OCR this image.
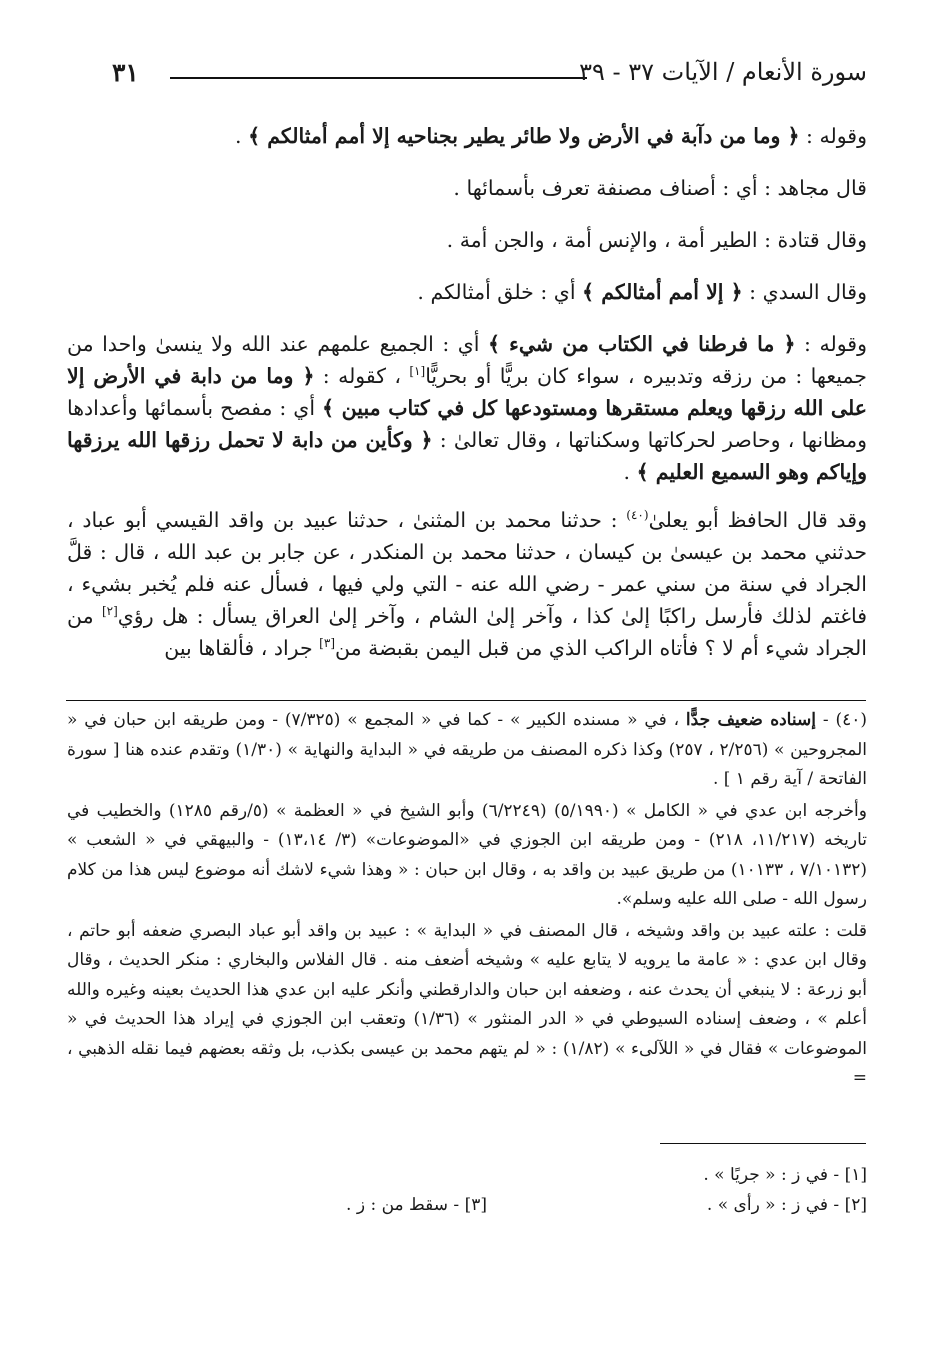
٣١	سورة الأنعام / الآيات ٣٧ - ٣٩

وقوله : ﴿ وما من دآبة في الأرض ولا طائر يطير بجناحيه إلا أمم أمثالكم ﴾ .

قال مجاهد : أي : أصناف مصنفة تعرف بأسمائها .

وقال قتادة : الطير أمة ، والإنس أمة ، والجن أمة .

وقال السدي : ﴿ إلا أمم أمثالكم ﴾ أي : خلق أمثالكم .

وقوله : ﴿ ما فرطنا في الكتاب من شيء ﴾ أي : الجميع علمهم عند الله ولا ينسىٰ واحدا من جميعها : من رزقه وتدبيره ، سواء كان بريًّا أو بحريًّا[١] ، كقوله : ﴿ وما من دابة في الأرض إلا على الله رزقها ويعلم مستقرها ومستودعها كل في كتاب مبين ﴾ أي : مفصح بأسمائها وأعدادها ومظانها ، وحاصر لحركاتها وسكناتها ، وقال تعالىٰ : ﴿ وكأين من دابة لا تحمل رزقها الله يرزقها وإياكم وهو السميع العليم ﴾ .

وقد قال الحافظ أبو يعلىٰ$^{(٤٠)}$ : حدثنا محمد بن المثنىٰ ، حدثنا عبيد بن واقد القيسي أبو عباد ، حدثني محمد بن عيسىٰ بن كيسان ، حدثنا محمد بن المنكدر ، عن جابر بن عبد الله ، قال : قلَّ الجراد في سنة من سني عمر - رضي الله عنه - التي ولي فيها ، فسأل عنه فلم يُخبر بشيء ، فاغتم لذلك فأرسل راكبًا إلىٰ كذا ، وآخر إلىٰ الشام ، وآخر إلىٰ العراق يسأل : هل رؤي[٢] من الجراد شيء أم لا ؟ فأتاه الراكب الذي من قبل اليمن بقبضة من[٣] جراد ، فألقاها بين

(٤٠) - إسناده ضعيف جدًّا ، في « مسنده الكبير » - كما في « المجمع » (٧/٣٢٥) - ومن طريقه ابن حبان في « المجروحين » (٢/٢٥٦ ، ٢٥٧) وكذا ذكره المصنف من طريقه في « البداية والنهاية » (١/٣٠) وتقدم عنده هنا [ سورة الفاتحة / آية رقم ١ ] .

وأخرجه ابن عدي في « الكامل » (٥/١٩٩٠) (٦/٢٢٤٩) وأبو الشيخ في « العظمة » (٥/رقم ١٢٨٥) والخطيب في تاريخه (١١/٢١٧، ٢١٨) - ومن طريقه ابن الجوزي في «الموضوعات» (٣/ ١٣،١٤) - والبيهقي في « الشعب » (٧/١٠١٣٢ ، ١٠١٣٣) من طريق عبيد بن واقد به ، وقال ابن حبان : « وهذا شيء لاشك أنه موضوع ليس هذا من كلام رسول الله - صلى الله عليه وسلم».

قلت : علته عبيد بن واقد وشيخه ، قال المصنف في « البداية » : عبيد بن واقد أبو عباد البصري ضعفه أبو حاتم ، وقال ابن عدي : « عامة ما يرويه لا يتابع عليه » وشيخه أضعف منه . قال الفلاس والبخاري : منكر الحديث ، وقال أبو زرعة : لا ينبغي أن يحدث عنه ، وضعفه ابن حبان والدارقطني وأنكر عليه ابن عدي هذا الحديث بعينه وغيره والله أعلم » ، وضعف إسناده السيوطي في « الدر المنثور » (١/٣٦) وتعقب ابن الجوزي في إيراد هذا الحديث في « الموضوعات » فقال في « اللآلىء » (١/٨٢) : « لم يتهم محمد بن عيسى بكذب، بل وثقه بعضهم فيما نقله الذهبي ، =

[١] - في ز : « جريًا » .
[٢] - في ز : « رأى » .
[٣] - سقط من : ز .
